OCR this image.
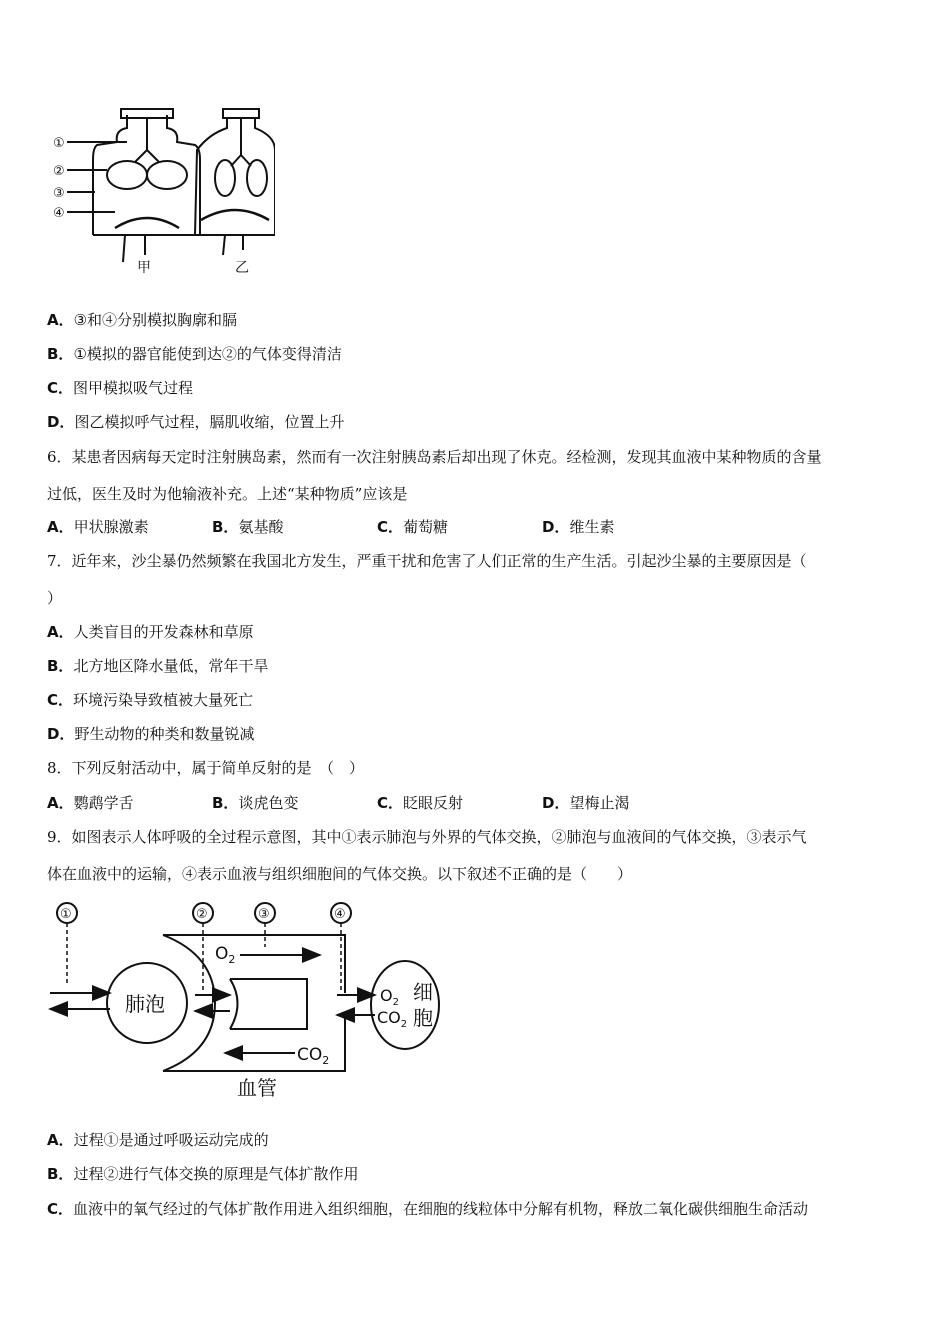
①
②
③
④
甲	乙
A．③和④分别模拟胸廓和膈
B．①模拟的器官能使到达②的气体变得清洁
C．图甲模拟吸气过程
D．图乙模拟呼气过程，膈肌收缩，位置上升
6．某患者因病每天定时注射胰岛素，然而有一次注射胰岛素后却出现了休克。经检测，发现其血液中某种物质的含量
过低，医生及时为他输液补充。上述“某种物质”应该是
A．甲状腺激素	B．氨基酸	C．葡萄糖	D．维生素
7．近年来，沙尘暴仍然频繁在我国北方发生，严重干扰和危害了人们正常的生产生活。引起沙尘暴的主要原因是（
）
A．人类盲目的开发森林和草原
B．北方地区降水量低，常年干旱
C．环境污染导致植被大量死亡
D．野生动物的种类和数量锐减
8．下列反射活动中，属于简单反射的是　（　）
A．鹦鹉学舌	B．谈虎色变	C．眨眼反射	D．望梅止渴
9．如图表示人体呼吸的全过程示意图，其中①表示肺泡与外界的气体交换，②肺泡与血液间的气体交换，③表示气
体在血液中的运输，④表示血液与组织细胞间的气体交换。以下叙述不正确的是（　　）
①	②	③	④
肺泡
$O_2$
$CO_2$
$O_2$
$CO_2$
细
胞
血管
A．过程①是通过呼吸运动完成的
B．过程②进行气体交换的原理是气体扩散作用
C．血液中的氧气经过的气体扩散作用进入组织细胞，在细胞的线粒体中分解有机物，释放二氧化碳供细胞生命活动
